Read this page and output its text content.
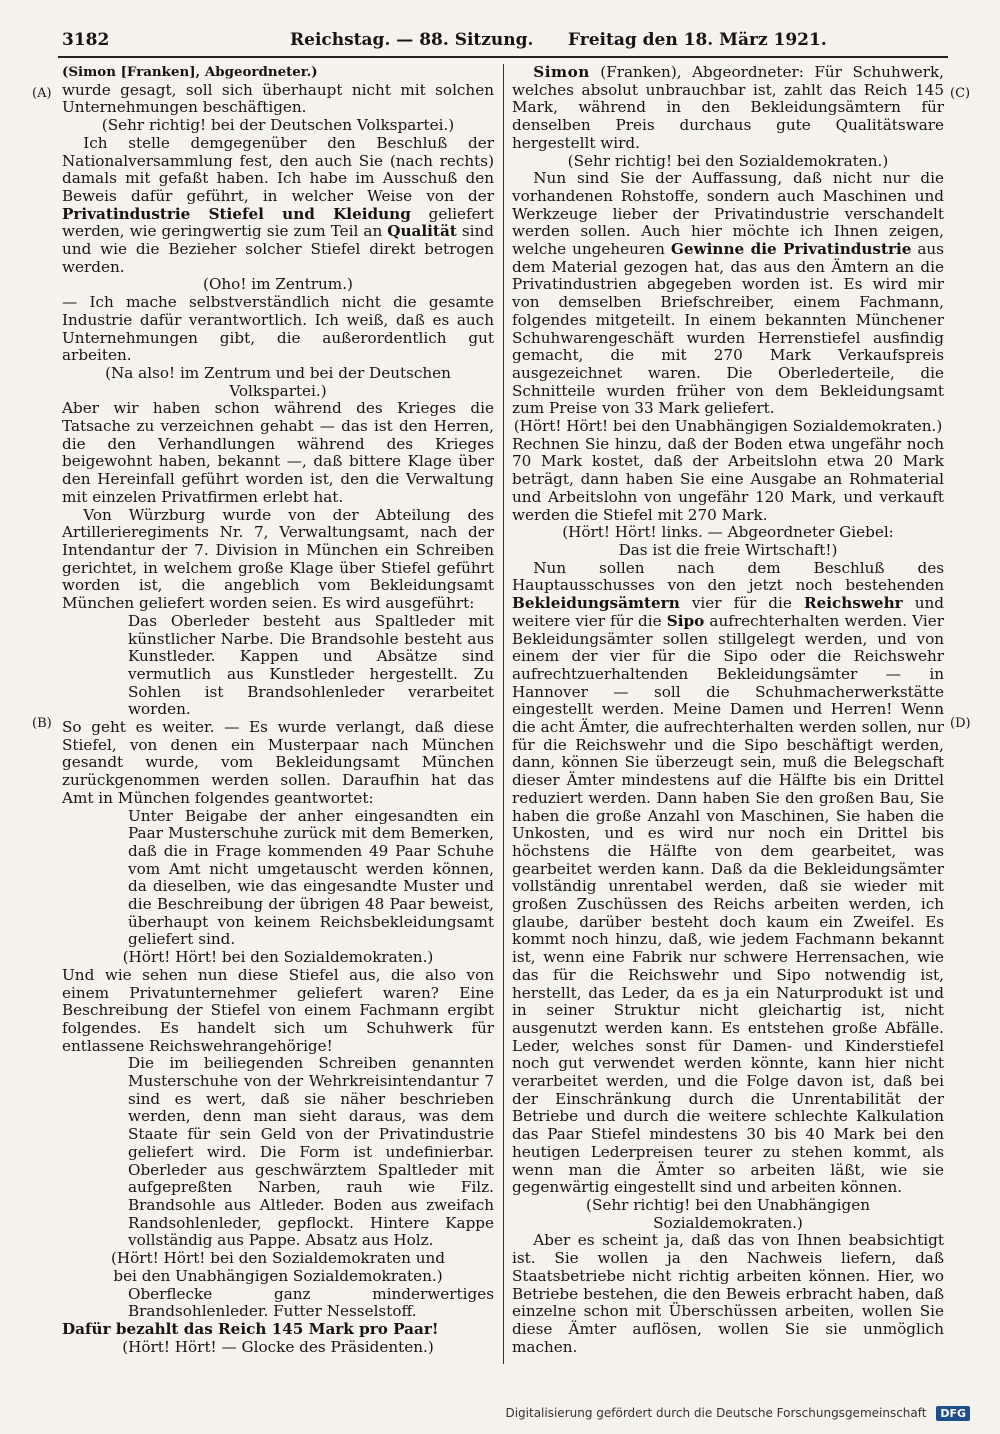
3182	Reichstag. — 88. Sitzung. Freitag den 18. März 1921.
(A)
(B)
(C)
(D)

(Simon [Franken], Abgeordneter.)

wurde gesagt, soll sich überhaupt nicht mit solchen Unternehmungen beschäftigen.

(Sehr richtig! bei der Deutschen Volkspartei.)

Ich stelle demgegenüber den Beschluß der Nationalversammlung fest, den auch Sie (nach rechts) damals mit gefaßt haben. Ich habe im Ausschuß den Beweis dafür geführt, in welcher Weise von der Privatindustrie Stiefel und Kleidung geliefert werden, wie geringwertig sie zum Teil an Qualität sind und wie die Bezieher solcher Stiefel direkt betrogen werden.

(Oho! im Zentrum.)

— Ich mache selbstverständlich nicht die gesamte Industrie dafür verantwortlich. Ich weiß, daß es auch Unternehmungen gibt, die außerordentlich gut arbeiten.

(Na also! im Zentrum und bei der Deutschen Volkspartei.)

Aber wir haben schon während des Krieges die Tatsache zu verzeichnen gehabt — das ist den Herren, die den Verhandlungen während des Krieges beigewohnt haben, bekannt —, daß bittere Klage über den Hereinfall geführt worden ist, den die Verwaltung mit einzelen Privatfirmen erlebt hat.

Von Würzburg wurde von der Abteilung des Artillerieregiments Nr. 7, Verwaltungsamt, nach der Intendantur der 7. Division in München ein Schreiben gerichtet, in welchem große Klage über Stiefel geführt worden ist, die angeblich vom Bekleidungsamt München geliefert worden seien. Es wird ausgeführt:

Das Oberleder besteht aus Spaltleder mit künstlicher Narbe. Die Brandsohle besteht aus Kunstleder. Kappen und Absätze sind vermutlich aus Kunstleder hergestellt. Zu Sohlen ist Brandsohlenleder verarbeitet worden.

So geht es weiter. — Es wurde verlangt, daß diese Stiefel, von denen ein Musterpaar nach München gesandt wurde, vom Bekleidungsamt München zurückgenommen werden sollen. Daraufhin hat das Amt in München folgendes geantwortet:

Unter Beigabe der anher eingesandten ein Paar Musterschuhe zurück mit dem Bemerken, daß die in Frage kommenden 49 Paar Schuhe vom Amt nicht umgetauscht werden können, da dieselben, wie das eingesandte Muster und die Beschreibung der übrigen 48 Paar beweist, überhaupt von keinem Reichsbekleidungsamt geliefert sind.

(Hört! Hört! bei den Sozialdemokraten.)

Und wie sehen nun diese Stiefel aus, die also von einem Privatunternehmer geliefert waren? Eine Beschreibung der Stiefel von einem Fachmann ergibt folgendes. Es handelt sich um Schuhwerk für entlassene Reichswehrangehörige!

Die im beiliegenden Schreiben genannten Musterschuhe von der Wehrkreisintendantur 7 sind es wert, daß sie näher beschrieben werden, denn man sieht daraus, was dem Staate für sein Geld von der Privatindustrie geliefert wird. Die Form ist undefinierbar. Oberleder aus geschwärztem Spaltleder mit aufgepreßten Narben, rauh wie Filz. Brandsohle aus Altleder. Boden aus zweifach Randsohlenleder, gepflockt. Hintere Kappe vollständig aus Pappe. Absatz aus Holz.

(Hört! Hört! bei den Sozialdemokraten und bei den Unabhängigen Sozialdemokraten.)

Oberflecke ganz minderwertiges Brandsohlenleder. Futter Nesselstoff.

Dafür bezahlt das Reich 145 Mark pro Paar!

(Hört! Hört! — Glocke des Präsidenten.)

Simon (Franken), Abgeordneter: Für Schuhwerk, welches absolut unbrauchbar ist, zahlt das Reich 145 Mark, während in den Bekleidungsämtern für denselben Preis durchaus gute Qualitätsware hergestellt wird.

(Sehr richtig! bei den Sozialdemokraten.)

Nun sind Sie der Auffassung, daß nicht nur die vorhandenen Rohstoffe, sondern auch Maschinen und Werkzeuge lieber der Privatindustrie verschandelt werden sollen. Auch hier möchte ich Ihnen zeigen, welche ungeheuren Gewinne die Privatindustrie aus dem Material gezogen hat, das aus den Ämtern an die Privatindustrien abgegeben worden ist. Es wird mir von demselben Briefschreiber, einem Fachmann, folgendes mitgeteilt. In einem bekannten Münchener Schuhwarengeschäft wurden Herrenstiefel ausfindig gemacht, die mit 270 Mark Verkaufspreis ausgezeichnet waren. Die Oberlederteile, die Schnitteile wurden früher von dem Bekleidungsamt zum Preise von 33 Mark geliefert.

(Hört! Hört! bei den Unabhängigen Sozialdemokraten.)

Rechnen Sie hinzu, daß der Boden etwa ungefähr noch 70 Mark kostet, daß der Arbeitslohn etwa 20 Mark beträgt, dann haben Sie eine Ausgabe an Rohmaterial und Arbeitslohn von ungefähr 120 Mark, und verkauft werden die Stiefel mit 270 Mark.

(Hört! Hört! links. — Abgeordneter Giebel: Das ist die freie Wirtschaft!)

Nun sollen nach dem Beschluß des Hauptausschusses von den jetzt noch bestehenden Bekleidungsämtern vier für die Reichswehr und weitere vier für die Sipo aufrechterhalten werden. Vier Bekleidungsämter sollen stillgelegt werden, und von einem der vier für die Sipo oder die Reichswehr aufrechtzuerhaltenden Bekleidungsämter — in Hannover — soll die Schuhmacherwerkstätte eingestellt werden. Meine Damen und Herren! Wenn die acht Ämter, die aufrechterhalten werden sollen, nur für die Reichswehr und die Sipo beschäftigt werden, dann, können Sie überzeugt sein, muß die Belegschaft dieser Ämter mindestens auf die Hälfte bis ein Drittel reduziert werden. Dann haben Sie den großen Bau, Sie haben die große Anzahl von Maschinen, Sie haben die Unkosten, und es wird nur noch ein Drittel bis höchstens die Hälfte von dem gearbeitet, was gearbeitet werden kann. Daß da die Bekleidungsämter vollständig unrentabel werden, daß sie wieder mit großen Zuschüssen des Reichs arbeiten werden, ich glaube, darüber besteht doch kaum ein Zweifel. Es kommt noch hinzu, daß, wie jedem Fachmann bekannt ist, wenn eine Fabrik nur schwere Herrensachen, wie das für die Reichswehr und Sipo notwendig ist, herstellt, das Leder, da es ja ein Naturprodukt ist und in seiner Struktur nicht gleichartig ist, nicht ausgenutzt werden kann. Es entstehen große Abfälle. Leder, welches sonst für Damen- und Kinderstiefel noch gut verwendet werden könnte, kann hier nicht verarbeitet werden, und die Folge davon ist, daß bei der Einschränkung durch die Unrentabilität der Betriebe und durch die weitere schlechte Kalkulation das Paar Stiefel mindestens 30 bis 40 Mark bei den heutigen Lederpreisen teurer zu stehen kommt, als wenn man die Ämter so arbeiten läßt, wie sie gegenwärtig eingestellt sind und arbeiten können.

(Sehr richtig! bei den Unabhängigen Sozialdemokraten.)

Aber es scheint ja, daß das von Ihnen beabsichtigt ist. Sie wollen ja den Nachweis liefern, daß Staatsbetriebe nicht richtig arbeiten können. Hier, wo Betriebe bestehen, die den Beweis erbracht haben, daß einzelne schon mit Überschüssen arbeiten, wollen Sie diese Ämter auflösen, wollen Sie sie unmöglich machen.

Digitalisierung gefördert durch die Deutsche Forschungsgemeinschaft DFG
